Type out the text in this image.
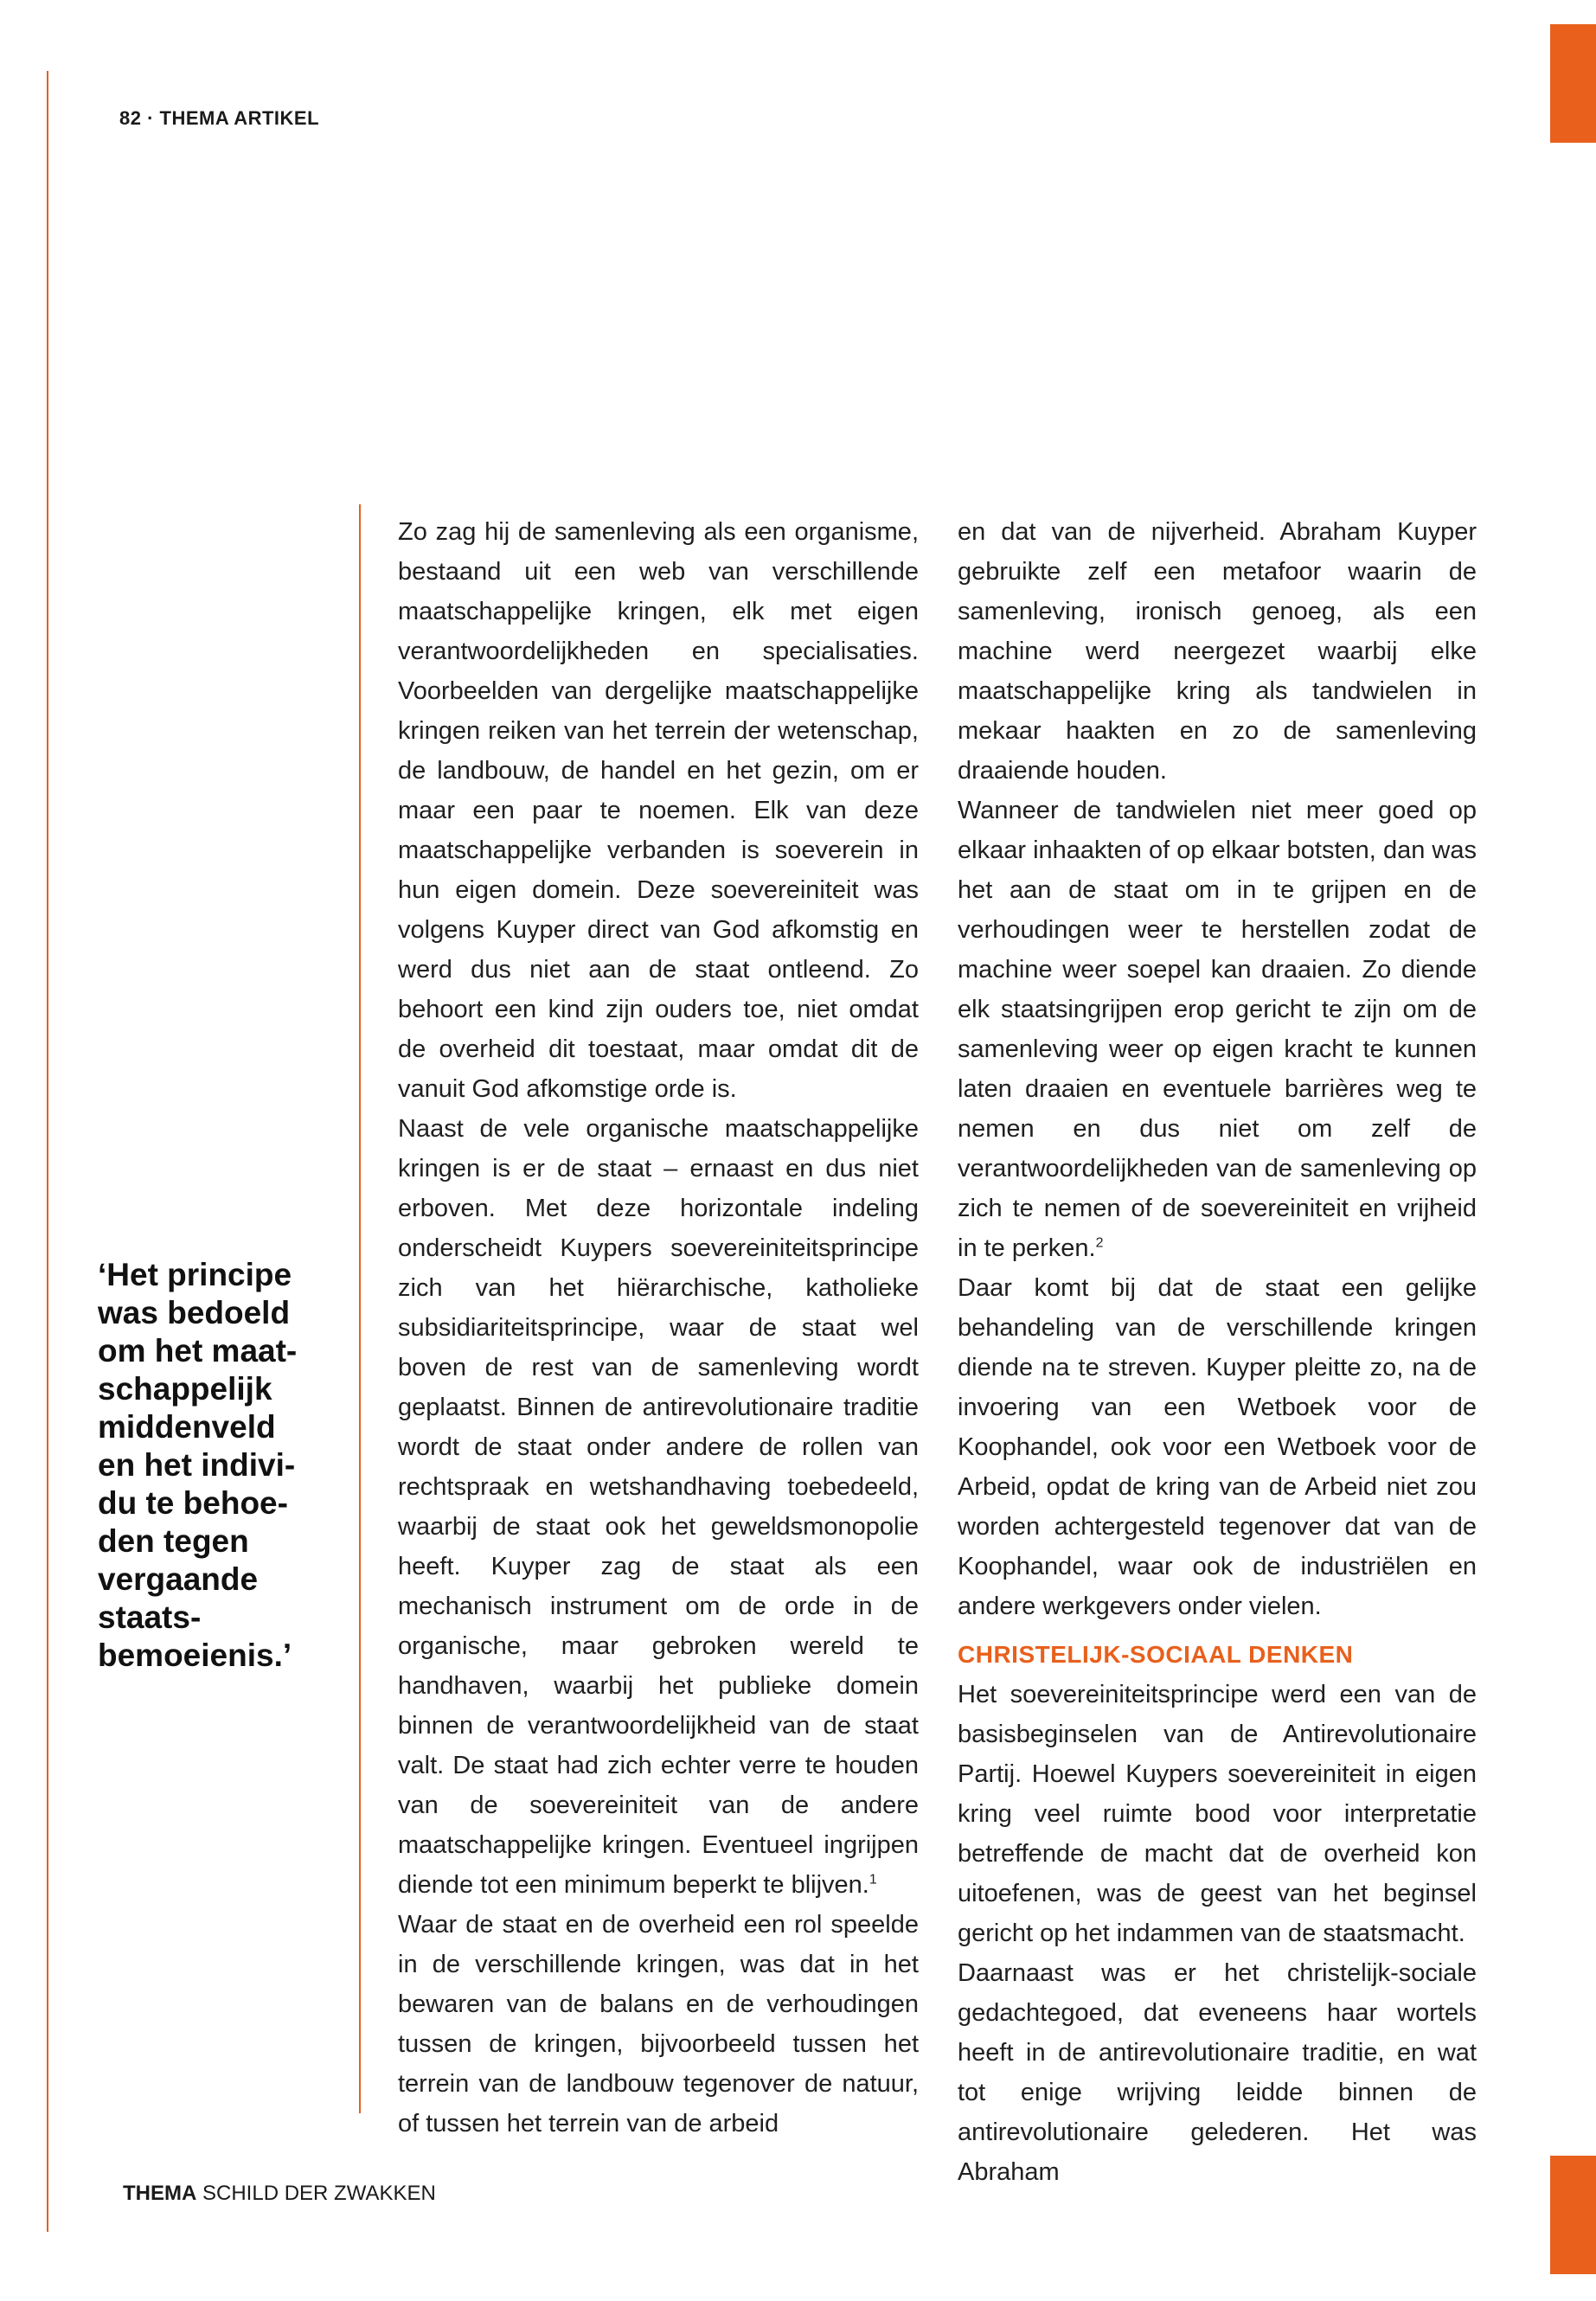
82 · THEMA ARTIKEL

‘Het principe
was bedoeld
om het maat-
schappelijk
middenveld
en het indivi-
du te behoe-
den tegen
vergaande
staats-
bemoeienis.’

Zo zag hij de samenleving als een organisme, bestaand uit een web van verschillende maatschappelijke kringen, elk met eigen verantwoordelijkheden en specialisaties. Voorbeelden van dergelijke maatschappelijke kringen reiken van het terrein der wetenschap, de landbouw, de handel en het gezin, om er maar een paar te noemen. Elk van deze maatschappelijke verbanden is soeverein in hun eigen domein. Deze soevereiniteit was volgens Kuyper direct van God afkomstig en werd dus niet aan de staat ontleend. Zo behoort een kind zijn ouders toe, niet omdat de overheid dit toestaat, maar omdat dit de vanuit God afkomstige orde is.

Naast de vele organische maatschappelijke kringen is er de staat – ernaast en dus niet erboven. Met deze horizontale indeling onderscheidt Kuypers soevereiniteitsprincipe zich van het hiërarchische, katholieke subsidiariteitsprincipe, waar de staat wel boven de rest van de samenleving wordt geplaatst. Binnen de antirevolutionaire traditie wordt de staat onder andere de rollen van rechtspraak en wetshandhaving toebedeeld, waarbij de staat ook het geweldsmonopolie heeft. Kuyper zag de staat als een mechanisch instrument om de orde in de organische, maar gebroken wereld te handhaven, waarbij het publieke domein binnen de verantwoordelijkheid van de staat valt. De staat had zich echter verre te houden van de soevereiniteit van de andere maatschappelijke kringen. Eventueel ingrijpen diende tot een minimum beperkt te blijven.$^1$

Waar de staat en de overheid een rol speelde in de verschillende kringen, was dat in het bewaren van de balans en de verhoudingen tussen de kringen, bijvoorbeeld tussen het terrein van de landbouw tegenover de natuur, of tussen het terrein van de arbeid

en dat van de nijverheid. Abraham Kuyper gebruikte zelf een metafoor waarin de samenleving, ironisch genoeg, als een machine werd neergezet waarbij elke maatschappelijke kring als tandwielen in mekaar haakten en zo de samenleving draaiende houden.

Wanneer de tandwielen niet meer goed op elkaar inhaakten of op elkaar botsten, dan was het aan de staat om in te grijpen en de verhoudingen weer te herstellen zodat de machine weer soepel kan draaien. Zo diende elk staatsingrijpen erop gericht te zijn om de samenleving weer op eigen kracht te kunnen laten draaien en eventuele barrières weg te nemen en dus niet om zelf de verantwoordelijkheden van de samenleving op zich te nemen of de soevereiniteit en vrijheid in te perken.$^2$

Daar komt bij dat de staat een gelijke behandeling van de verschillende kringen diende na te streven. Kuyper pleitte zo, na de invoering van een Wetboek voor de Koophandel, ook voor een Wetboek voor de Arbeid, opdat de kring van de Arbeid niet zou worden achtergesteld tegenover dat van de Koophandel, waar ook de industriëlen en andere werkgevers onder vielen.

CHRISTELIJK-SOCIAAL DENKEN

Het soevereiniteitsprincipe werd een van de basisbeginselen van de Antirevolutionaire Partij. Hoewel Kuypers soevereiniteit in eigen kring veel ruimte bood voor interpretatie betreffende de macht dat de overheid kon uitoefenen, was de geest van het beginsel gericht op het indammen van de staatsmacht.

Daarnaast was er het christelijk-sociale gedachtegoed, dat eveneens haar wortels heeft in de antirevolutionaire traditie, en wat tot enige wrijving leidde binnen de antirevolutionaire gelederen. Het was Abraham

THEMA SCHILD DER ZWAKKEN
